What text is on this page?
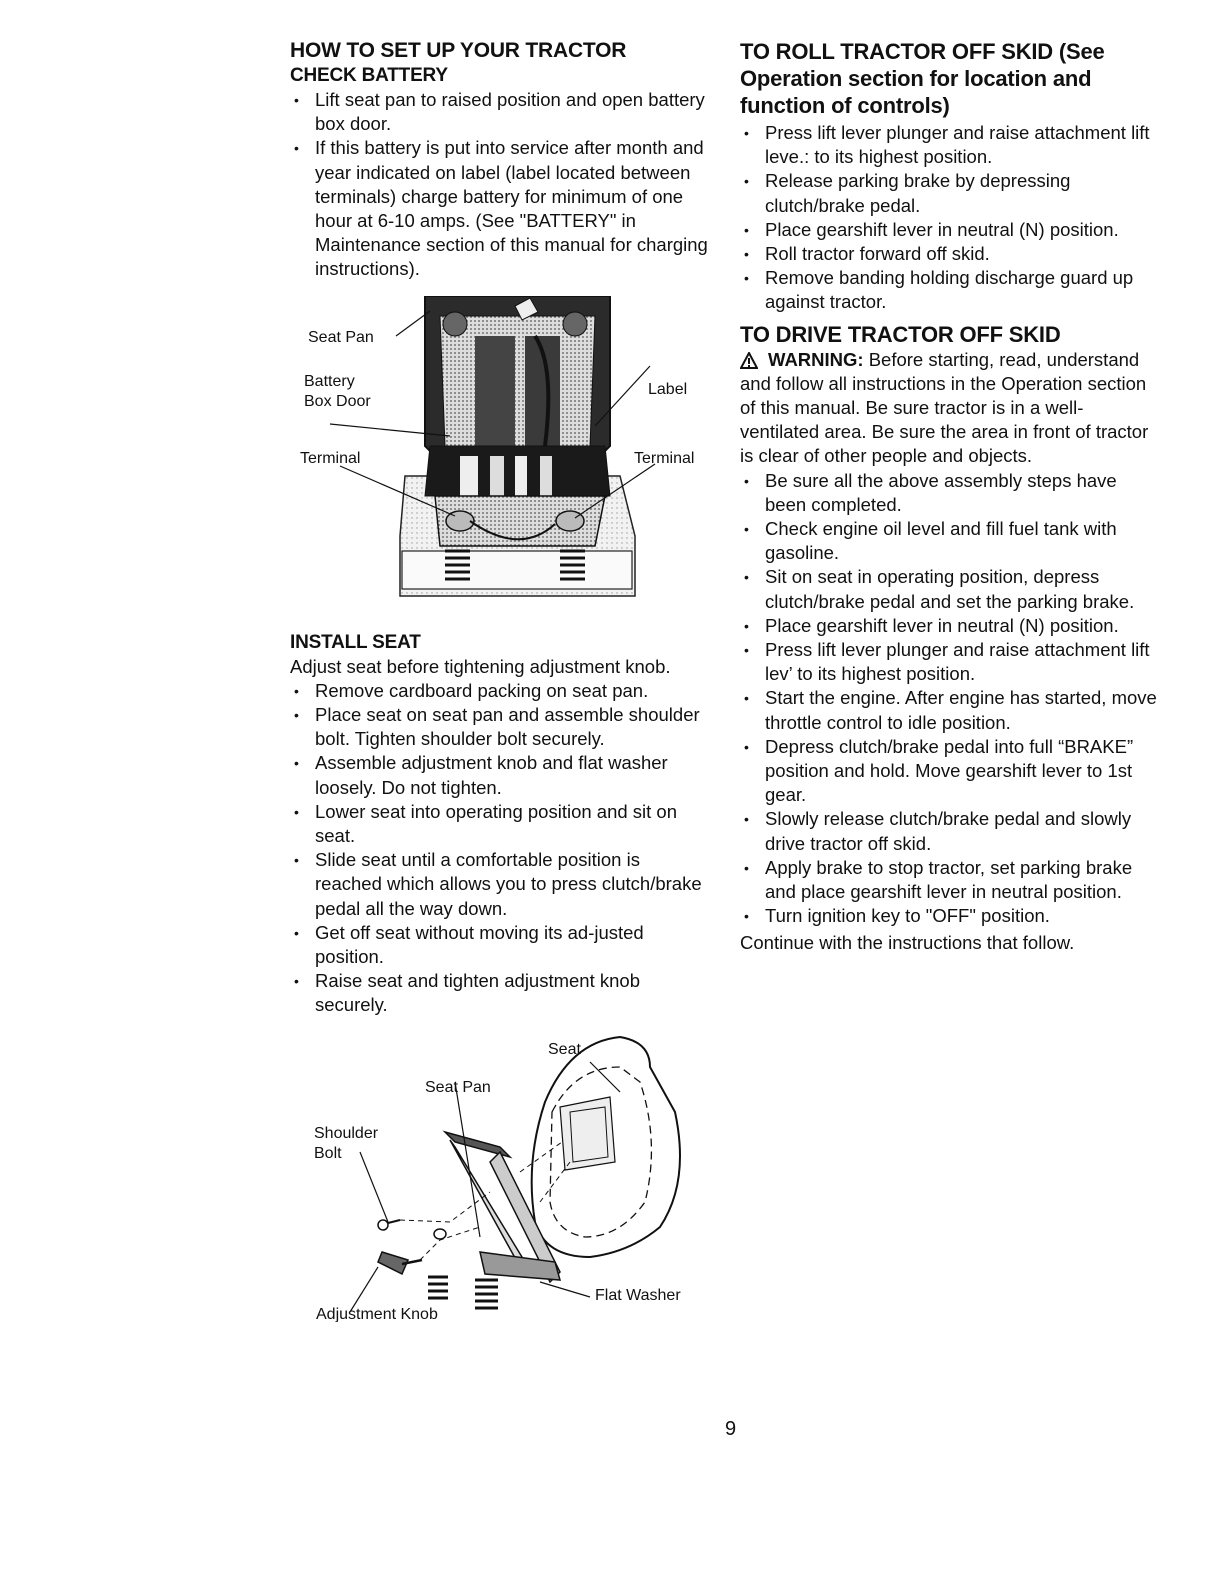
HOW TO SET UP YOUR TRACTOR
CHECK BATTERY
• Lift seat pan to raised position and open battery box door.
• If this battery is put into service after month and year indicated on label (label located between terminals) charge battery for minimum of one hour at 6-10 amps. (See "BATTERY" in Maintenance section of this manual for charging instructions).
Seat Pan
Battery
Box Door
Label
Terminal	Terminal
INSTALL SEAT

Adjust seat before tightening adjustment knob.

• Remove cardboard packing on seat pan.
• Place seat on seat pan and assemble shoulder bolt. Tighten shoulder bolt securely.
• Assemble adjustment knob and flat washer loosely. Do not tighten.
• Lower seat into operating position and sit on seat.
• Slide seat until a comfortable position is reached which allows you to press clutch/brake pedal all the way down.
• Get off seat without moving its ad-justed position.
• Raise seat and tighten adjustment knob securely.
Seat
Seat Pan
Shoulder
Bolt
Flat Washer
Adjustment Knob
TO ROLL TRACTOR OFF SKID (See
Operation section for location and
function of controls)
• Press lift lever plunger and raise attachment lift leve.: to its highest position.
• Release parking brake by depressing clutch/brake pedal.
• Place gearshift lever in neutral (N) position.
• Roll tractor forward off skid.
• Remove banding holding discharge guard up against tractor.
TO DRIVE TRACTOR OFF SKID

WARNING: Before starting, read, understand and follow all instructions in the Operation section of this manual. Be sure tractor is in a well-ventilated area. Be sure the area in front of tractor is clear of other people and objects.

• Be sure all the above assembly steps have been completed.
• Check engine oil level and fill fuel tank with gasoline.
• Sit on seat in operating position, depress clutch/brake pedal and set the parking brake.
• Place gearshift lever in neutral (N) position.
• Press lift lever plunger and raise attachment lift lev’ to its highest position.
• Start the engine. After engine has started, move throttle control to idle position.
• Depress clutch/brake pedal into full “BRAKE” position and hold. Move gearshift lever to 1st gear.
• Slowly release clutch/brake pedal and slowly drive tractor off skid.
• Apply brake to stop tractor, set parking brake and place gearshift lever in neutral position.
• Turn ignition key to "OFF" position.

Continue with the instructions that follow.

9
